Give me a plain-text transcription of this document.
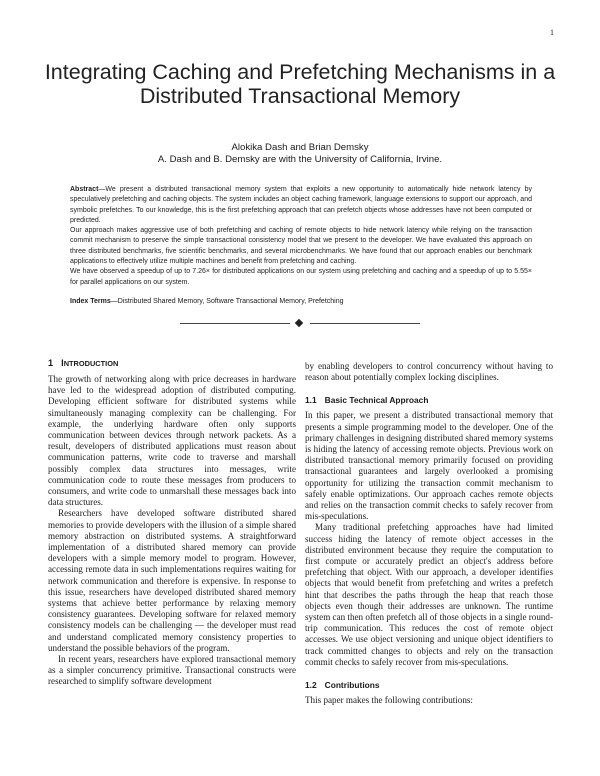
1
Integrating Caching and Prefetching Mechanisms in a Distributed Transactional Memory
Alokika Dash and Brian Demsky
A. Dash and B. Demsky are with the University of California, Irvine.

Abstract—We present a distributed transactional memory system that exploits a new opportunity to automatically hide network latency by speculatively prefetching and caching objects. The system includes an object caching framework, language extensions to support our approach, and symbolic prefetches. To our knowledge, this is the first prefetching approach that can prefetch objects whose addresses have not been computed or predicted.

Our approach makes aggressive use of both prefetching and caching of remote objects to hide network latency while relying on the transaction commit mechanism to preserve the simple transactional consistency model that we present to the developer. We have evaluated this approach on three distributed benchmarks, five scientific benchmarks, and several microbenchmarks. We have found that our approach enables our benchmark applications to effectively utilize multiple machines and benefit from prefetching and caching.

We have observed a speedup of up to 7.26× for distributed applications on our system using prefetching and caching and a speedup of up to 5.55× for parallel applications on our system.

Index Terms—Distributed Shared Memory, Software Transactional Memory, Prefetching
1 INTRODUCTION

The growth of networking along with price decreases in hardware have led to the widespread adoption of distributed computing. Developing efficient software for distributed systems while simultaneously managing complexity can be challenging. For example, the underlying hardware often only supports communication between devices through network packets. As a result, developers of distributed applications must reason about communication patterns, write code to traverse and marshall possibly complex data structures into messages, write communication code to route these messages from producers to consumers, and write code to unmarshall these messages back into data structures.

Researchers have developed software distributed shared memories to provide developers with the illusion of a simple shared memory abstraction on distributed systems. A straightforward implementation of a distributed shared memory can provide developers with a simple memory model to program. However, accessing remote data in such implementations requires waiting for network communication and therefore is expensive. In response to this issue, researchers have developed distributed shared memory systems that achieve better performance by relaxing memory consistency guarantees. Developing software for relaxed memory consistency models can be challenging — the developer must read and understand complicated memory consistency properties to understand the possible behaviors of the program.

In recent years, researchers have explored transactional memory as a simpler concurrency primitive. Transactional constructs were researched to simplify software development

by enabling developers to control concurrency without having to reason about potentially complex locking disciplines.

1.1 Basic Technical Approach

In this paper, we present a distributed transactional memory that presents a simple programming model to the developer. One of the primary challenges in designing distributed shared memory systems is hiding the latency of accessing remote objects. Previous work on distributed transactional memory primarily focused on providing transactional guarantees and largely overlooked a promising opportunity for utilizing the transaction commit mechanism to safely enable optimizations. Our approach caches remote objects and relies on the transaction commit checks to safely recover from mis-speculations.

Many traditional prefetching approaches have had limited success hiding the latency of remote object accesses in the distributed environment because they require the computation to first compute or accurately predict an object's address before prefetching that object. With our approach, a developer identifies objects that would benefit from prefetching and writes a prefetch hint that describes the paths through the heap that reach those objects even though their addresses are unknown. The runtime system can then often prefetch all of those objects in a single round-trip communication. This reduces the cost of remote object accesses. We use object versioning and unique object identifiers to track committed changes to objects and rely on the transaction commit checks to safely recover from mis-speculations.

1.2 Contributions

This paper makes the following contributions:
